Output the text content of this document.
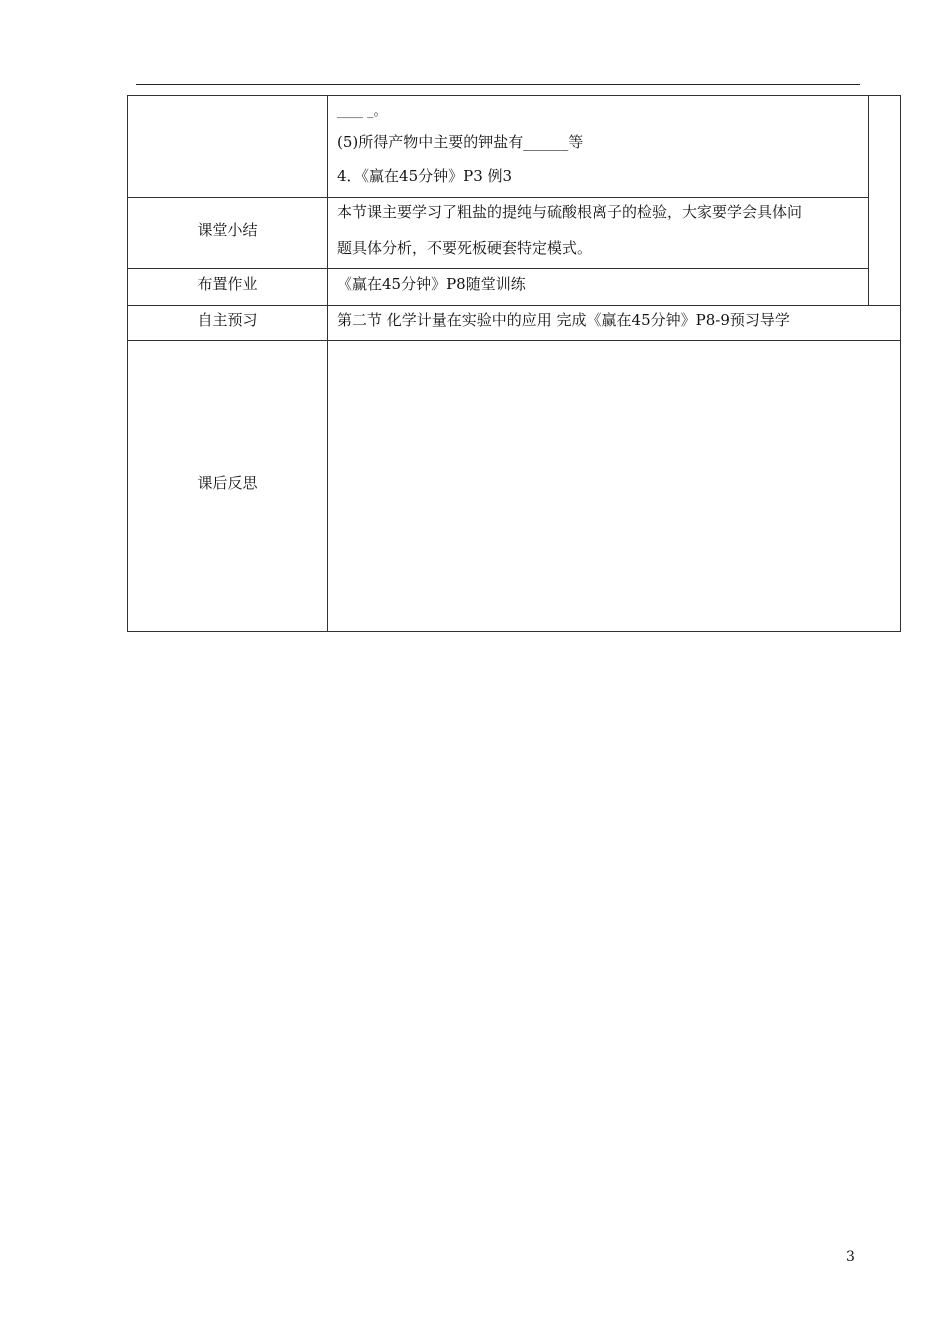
____ _。
(5)所得产物中主要的钾盐有______等
4．《赢在45分钟》P3 例3
课堂小结
本节课主要学习了粗盐的提纯与硫酸根离子的检验，大家要学会具体问
题具体分析，不要死板硬套特定模式。
布置作业	《赢在45分钟》P8随堂训练
自主预习	第二节 化学计量在实验中的应用 完成《赢在45分钟》P8-9预习导学
课后反思
3
